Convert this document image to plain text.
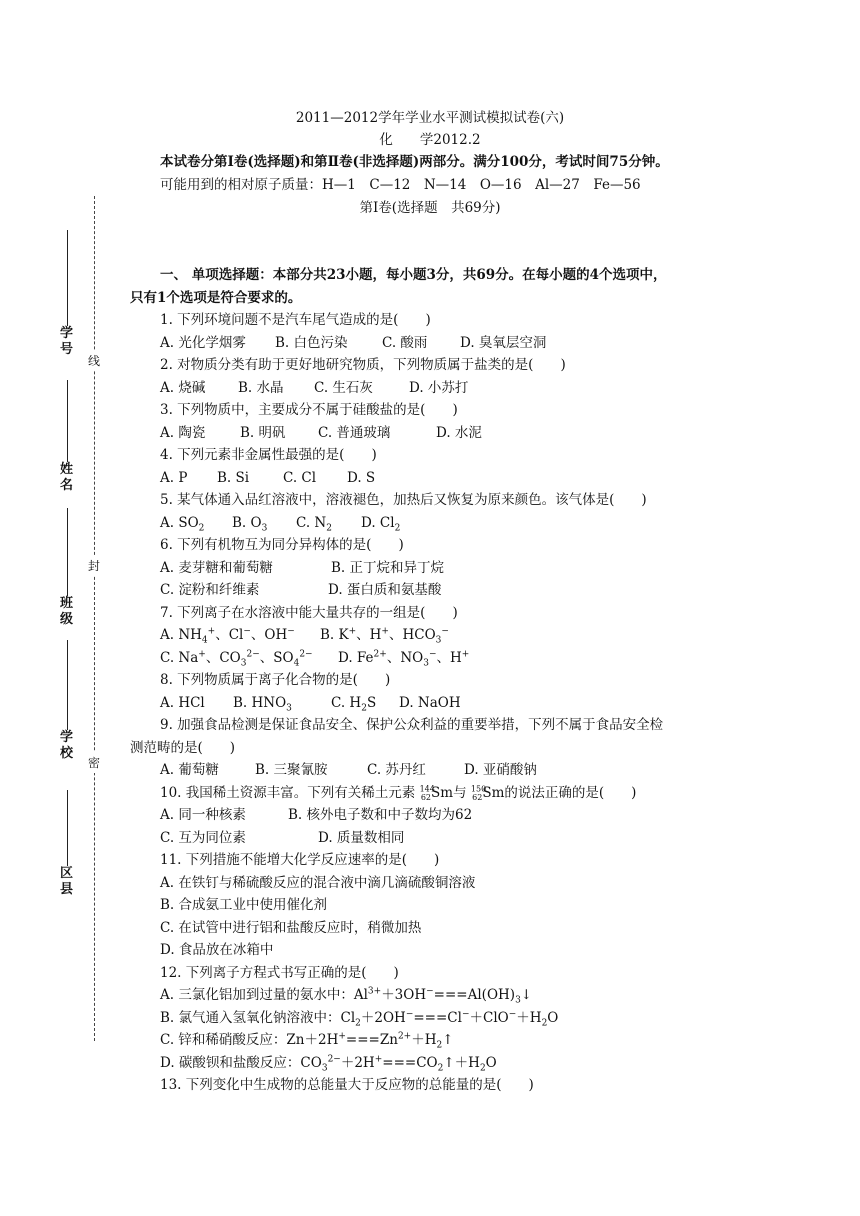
2011—2012学年学业水平测试模拟试卷(六)
化　　学2012.2
本试卷分第Ⅰ卷(选择题)和第Ⅱ卷(非选择题)两部分。满分100分，考试时间75分钟。
可能用到的相对原子质量：H—1　C—12　N—14　O—16　Al—27　Fe—56
第Ⅰ卷(选择题　共69分)
线
封
密
学号
姓名
班级
学校
区县
一、 单项选择题：本部分共23小题，每小题3分，共69分。在每小题的4个选项中，
只有1个选项是符合要求的。
1. 下列环境问题不是汽车尾气造成的是(　　)
A. 光化学烟雾 B. 白色污染	C. 酸雨 D. 臭氧层空洞
2. 对物质分类有助于更好地研究物质，下列物质属于盐类的是(　　)
A. 烧碱 B. 水晶 C. 生石灰	D. 小苏打
3. 下列物质中，主要成分不属于硅酸盐的是(　　)
A. 陶瓷	B. 明矾 C. 普通玻璃	D. 水泥
4. 下列元素非金属性最强的是(　　)
A. P B. Si	C. Cl D. S
5. 某气体通入品红溶液中，溶液褪色，加热后又恢复为原来颜色。该气体是(　　)
A. $SO_2$ B. $O_3$ C. $N_2$ D. $Cl_2$
6. 下列有机物互为同分异构体的是(　　)
A. 麦芽糖和葡萄糖	B. 正丁烷和异丁烷
C. 淀粉和纤维素	D. 蛋白质和氨基酸
7. 下列离子在水溶液中能大量共存的一组是(　　)
A. $NH_4^+$、Cl−、OH− B. K+、H+、$HCO_3^-$
C. Na+、$CO_3^{2-}$、$SO_4^{2-}$ D. $Fe^{2+}$、$NO_3^-$、H+
8. 下列物质属于离子化合物的是(　　)
A. HCl B. $HNO_3$	C. $H_2S$ D. NaOH
9. 加强食品检测是保证食品安全、保护公众利益的重要举措，下列不属于食品安全检
测范畴的是(　　)
A. 葡萄糖	B. 三聚氰胺	C. 苏丹红	D. 亚硝酸钠
10. 我国稀土资源丰富。下列有关稀土元素 $^{144}_{62}$Sm与 $^{150}_{62}$Sm的说法正确的是(　　)
A. 同一种核素	B. 核外电子数和中子数均为62
C. 互为同位素	D. 质量数相同
11. 下列措施不能增大化学反应速率的是(　　)
A. 在铁钉与稀硫酸反应的混合液中滴几滴硫酸铜溶液
B. 合成氨工业中使用催化剂
C. 在试管中进行铝和盐酸反应时，稍微加热
D. 食品放在冰箱中
12. 下列离子方程式书写正确的是(　　)
A. 三氯化铝加到过量的氨水中：$Al^{3+}+3OH^-===Al(OH)_3↓$
B. 氯气通入氢氧化钠溶液中：$Cl_2+2OH^-===Cl^-+ClO^-+H_2O$
C. 锌和稀硝酸反应：$Zn+2H^+===Zn^{2+}+H_2↑$
D. 碳酸钡和盐酸反应：$CO_3^{2-}+2H^+===CO_2↑+H_2O$
13. 下列变化中生成物的总能量大于反应物的总能量的是(　　)
